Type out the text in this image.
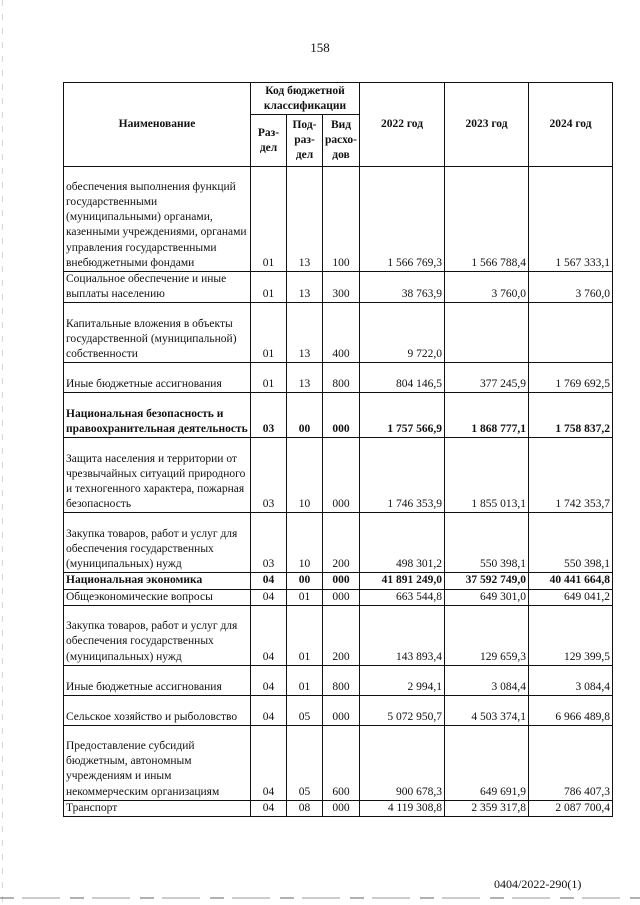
158
Наименование	Код бюджетной классификации			2022 год	2023 год	2024 год
	Раз-дел	Под-раз-дел	Вид расхо-дов			
обеспечения выполнения функций государственными (муниципальными) органами, казенными учреждениями, органами управления государственными внебюджетными фондами	01	13	100	1 566 769,3	1 566 788,4	1 567 333,1
Социальное обеспечение и иные выплаты населению	01	13	300	38 763,9	3 760,0	3 760,0
Капитальные вложения в объекты государственной (муниципальной) собственности	01	13	400	9 722,0		
Иные бюджетные ассигнования	01	13	800	804 146,5	377 245,9	1 769 692,5
Национальная безопасность и правоохранительная деятельность	03	00	000	1 757 566,9	1 868 777,1	1 758 837,2
Защита населения и территории от чрезвычайных ситуаций природного и техногенного характера, пожарная безопасность	03	10	000	1 746 353,9	1 855 013,1	1 742 353,7
Закупка товаров, работ и услуг для обеспечения государственных (муниципальных) нужд	03	10	200	498 301,2	550 398,1	550 398,1
Национальная экономика	04	00	000	41 891 249,0	37 592 749,0	40 441 664,8
Общеэкономические вопросы	04	01	000	663 544,8	649 301,0	649 041,2
Закупка товаров, работ и услуг для обеспечения государственных (муниципальных) нужд	04	01	200	143 893,4	129 659,3	129 399,5
Иные бюджетные ассигнования	04	01	800	2 994,1	3 084,4	3 084,4
Сельское хозяйство и рыболовство	04	05	000	5 072 950,7	4 503 374,1	6 966 489,8
Предоставление субсидий бюджетным, автономным учреждениям и иным некоммерческим организациям	04	05	600	900 678,3	649 691,9	786 407,3
Транспорт	04	08	000	4 119 308,8	2 359 317,8	2 087 700,4
0404/2022-290(1)
